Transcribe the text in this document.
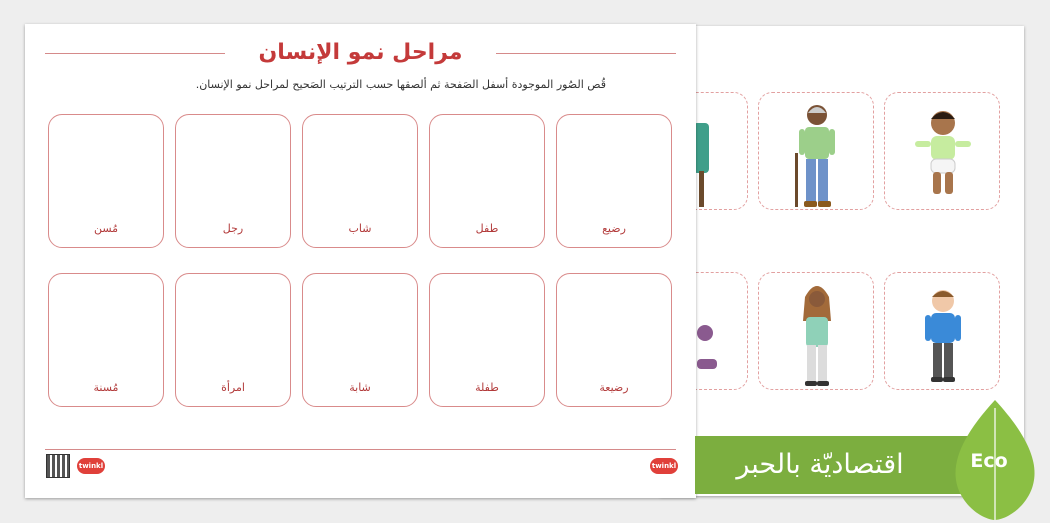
مراحل نمو الإنسان
قُص الصُور الموجودة أسفل الصَفحة ثم ألصقها حسب الترتيب الصَحيح لمراحل نمو الإنسان.
رضيع
طفل
شاب
رجل
مُسن
رضيعة
طفلة
شابة
امرأة
مُسنة
twinkl	twinkl	اقتصاديّة بالحبر	Eco
